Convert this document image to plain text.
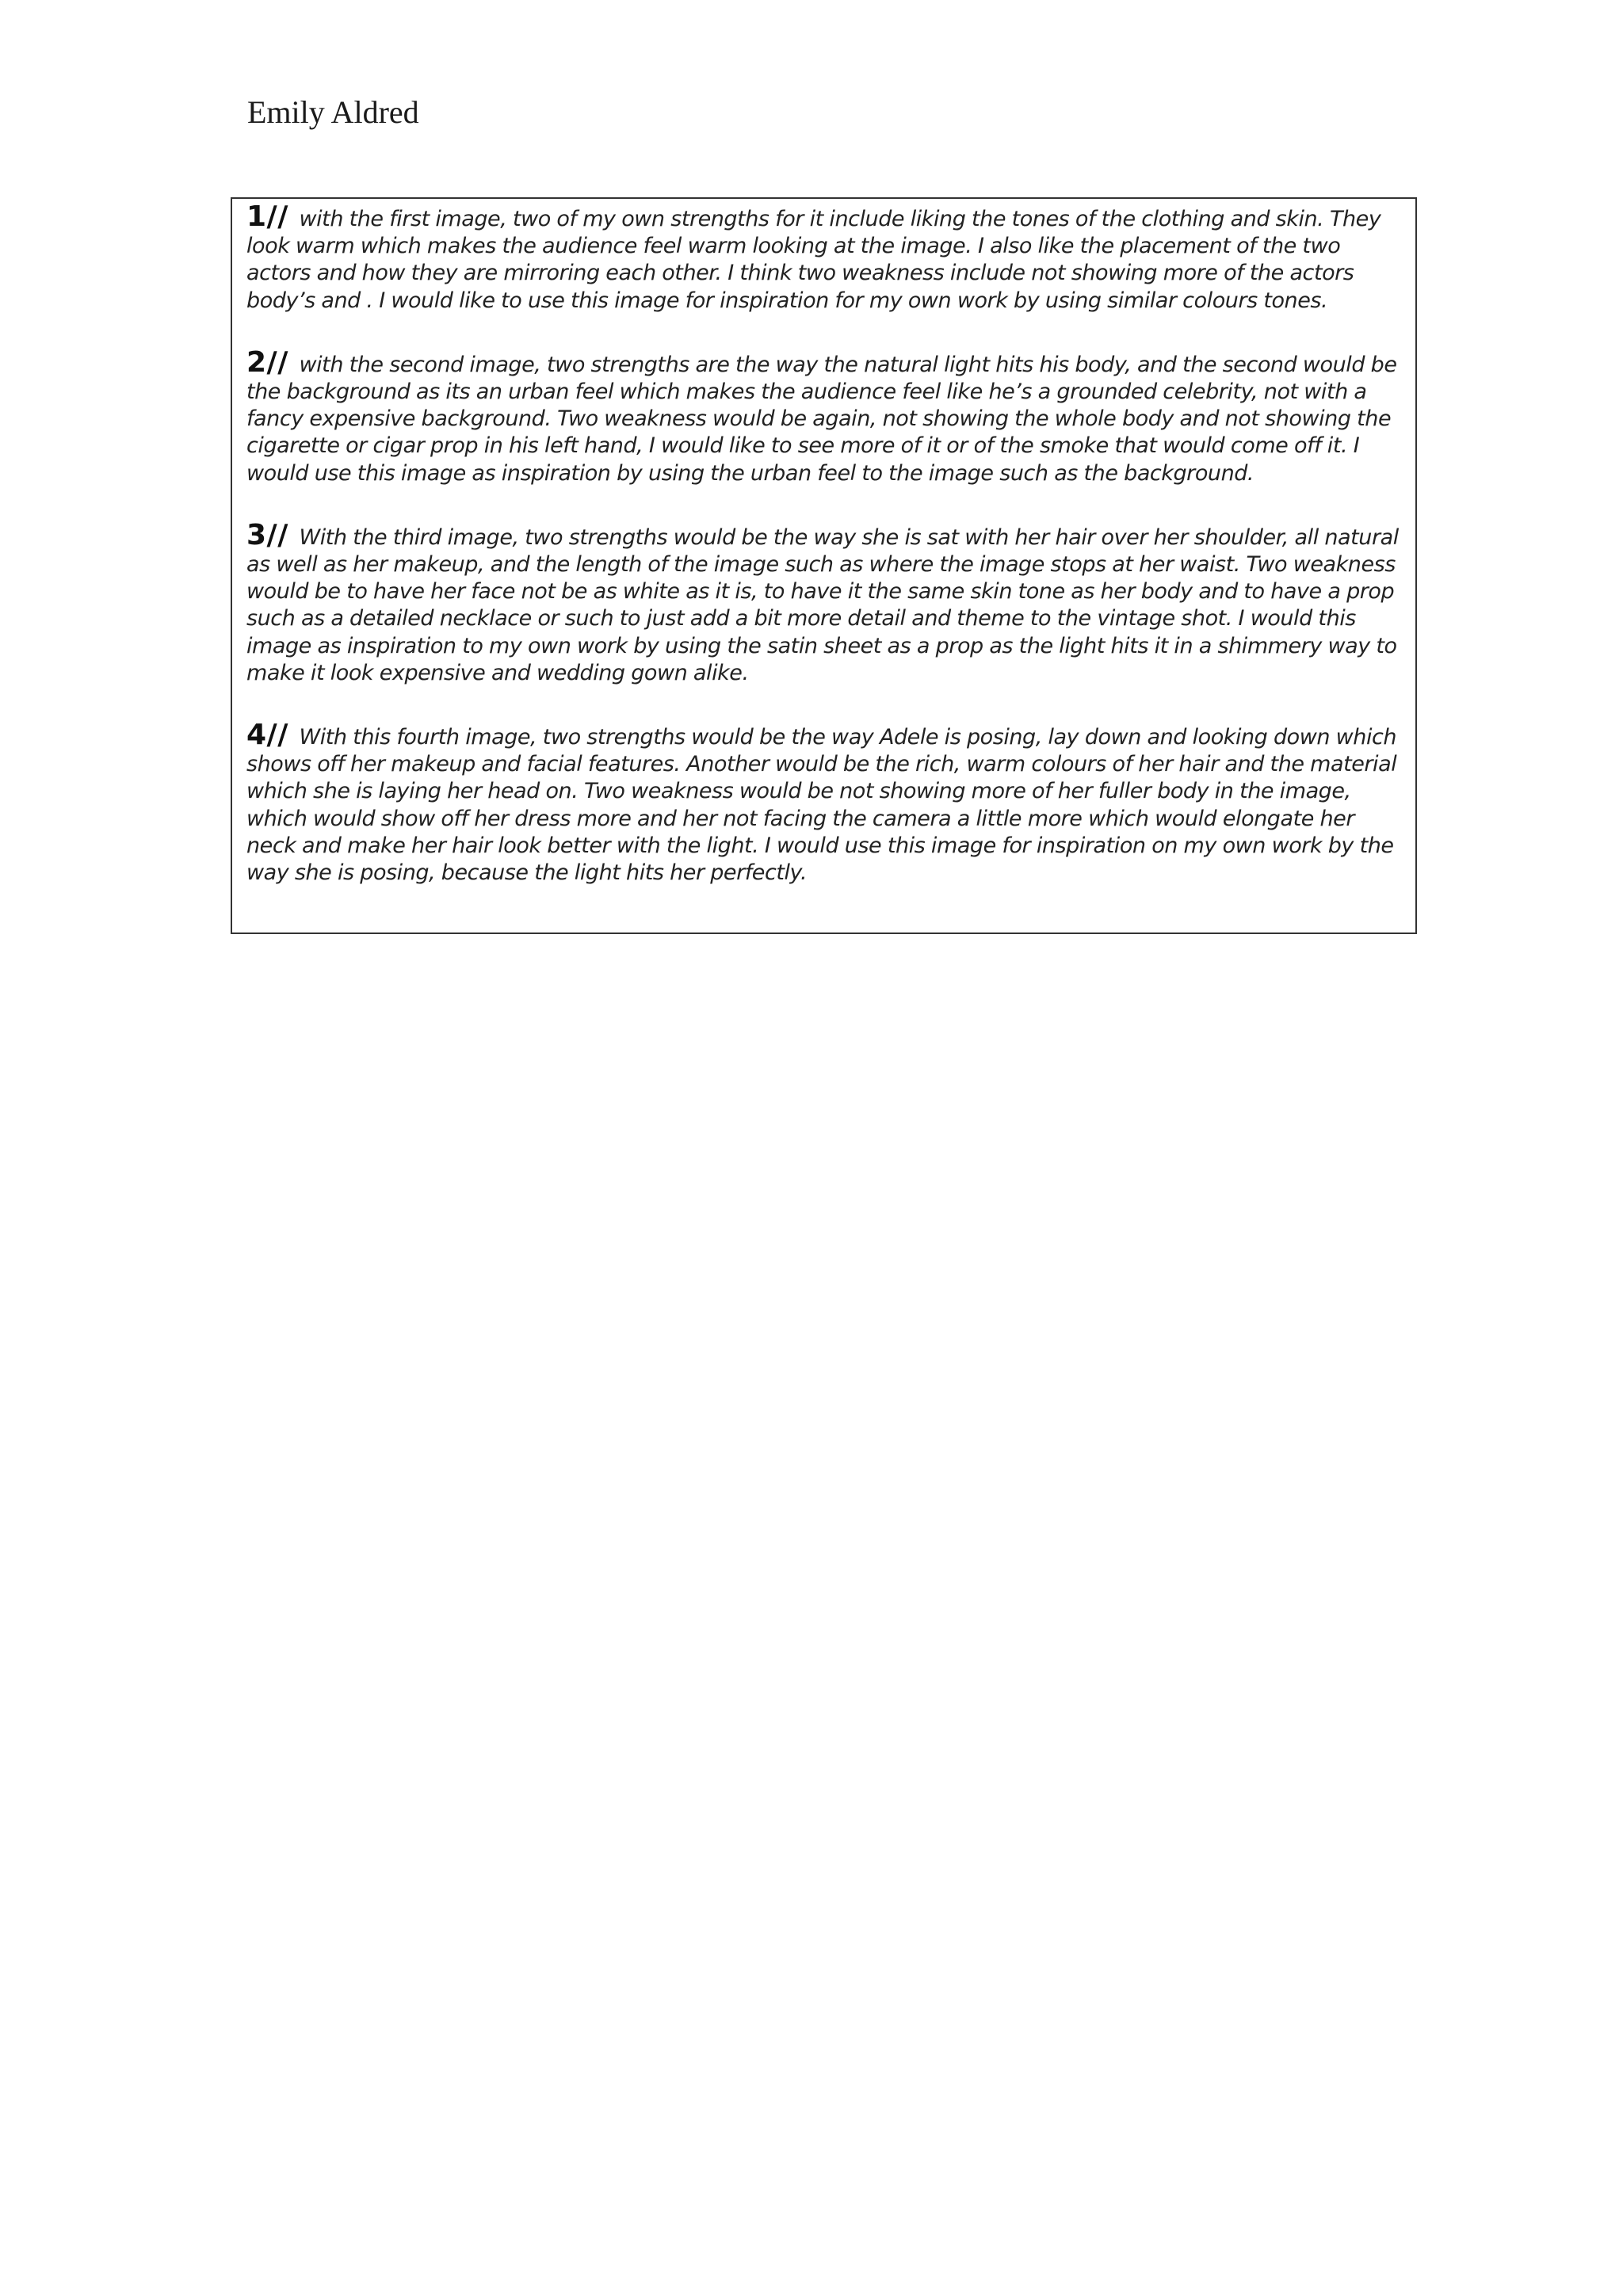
Emily Aldred

1// with the first image, two of my own strengths for it include liking the tones of the clothing and skin. They look warm which makes the audience feel warm looking at the image. I also like the placement of the two actors and how they are mirroring each other. I think two weakness include not showing more of the actors body’s and . I would like to use this image for inspiration for my own work by using similar colours tones.

2// with the second image, two strengths are the way the natural light hits his body, and the second would be the background as its an urban feel which makes the audience feel like he’s a grounded celebrity, not with a fancy expensive background. Two weakness would be again, not showing the whole body and not showing the cigarette or cigar prop in his left hand, I would like to see more of it or of the smoke that would come off it. I would use this image as inspiration by using the urban feel to the image such as the background.

3// With the third image, two strengths would be the way she is sat with her hair over her shoulder, all natural as well as her makeup, and the length of the image such as where the image stops at her waist. Two weakness would be to have her face not be as white as it is, to have it the same skin tone as her body and to have a prop such as a detailed necklace or such to just add a bit more detail and theme to the vintage shot. I would this image as inspiration to my own work by using the satin sheet as a prop as the light hits it in a shimmery way to make it look expensive and wedding gown alike.

4// With this fourth image, two strengths would be the way Adele is posing, lay down and looking down which shows off her makeup and facial features. Another would be the rich, warm colours of her hair and the material which she is laying her head on. Two weakness would be not showing more of her fuller body in the image, which would show off her dress more and her not facing the camera a little more which would elongate her neck and make her hair look better with the light. I would use this image for inspiration on my own work by the way she is posing, because the light hits her perfectly.
